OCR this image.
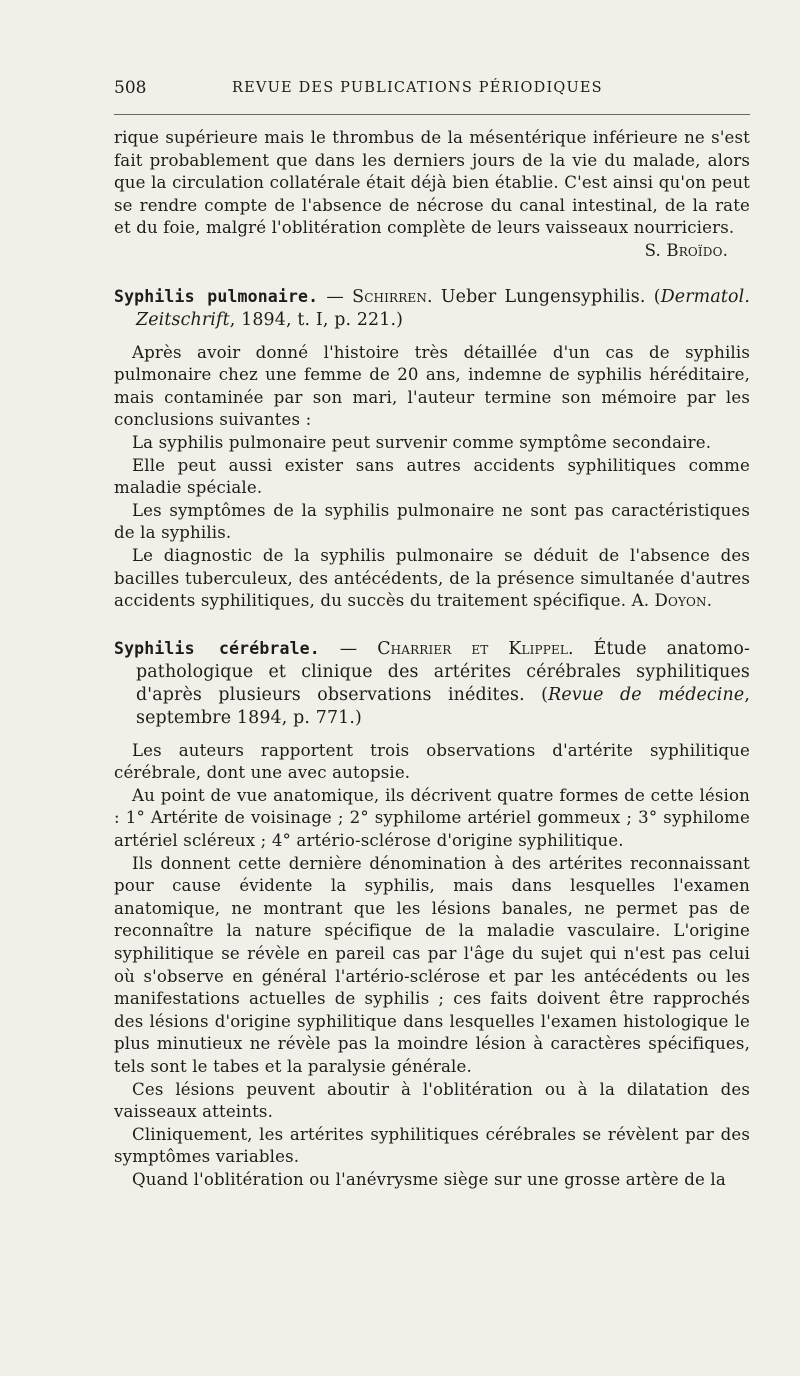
508	REVUE DES PUBLICATIONS PÉRIODIQUES

rique supérieure mais le thrombus de la mésentérique inférieure ne s'est fait probablement que dans les derniers jours de la vie du malade, alors que la circulation collatérale était déjà bien établie. C'est ainsi qu'on peut se rendre compte de l'absence de nécrose du canal intestinal, de la rate et du foie, malgré l'oblitération complète de leurs vaisseaux nourriciers.

S. Broïdo.

Syphilis pulmonaire. — Schirren. Ueber Lungensyphilis. (Dermatol. Zeitschrift, 1894, t. I, p. 221.)

Après avoir donné l'histoire très détaillée d'un cas de syphilis pulmonaire chez une femme de 20 ans, indemne de syphilis héréditaire, mais contaminée par son mari, l'auteur termine son mémoire par les conclusions suivantes :

La syphilis pulmonaire peut survenir comme symptôme secondaire.

Elle peut aussi exister sans autres accidents syphilitiques comme maladie spéciale.

Les symptômes de la syphilis pulmonaire ne sont pas caractéristiques de la syphilis.

Le diagnostic de la syphilis pulmonaire se déduit de l'absence des bacilles tuberculeux, des antécédents, de la présence simultanée d'autres accidents syphilitiques, du succès du traitement spécifique. A. Doyon.

Syphilis cérébrale. — Charrier et Klippel. Étude anatomo-pathologique et clinique des artérites cérébrales syphilitiques d'après plusieurs observations inédites. (Revue de médecine, septembre 1894, p. 771.)

Les auteurs rapportent trois observations d'artérite syphilitique cérébrale, dont une avec autopsie.

Au point de vue anatomique, ils décrivent quatre formes de cette lésion : 1° Artérite de voisinage ; 2° syphilome artériel gommeux ; 3° syphilome artériel scléreux ; 4° artério-sclérose d'origine syphilitique.

Ils donnent cette dernière dénomination à des artérites reconnaissant pour cause évidente la syphilis, mais dans lesquelles l'examen anatomique, ne montrant que les lésions banales, ne permet pas de reconnaître la nature spécifique de la maladie vasculaire. L'origine syphilitique se révèle en pareil cas par l'âge du sujet qui n'est pas celui où s'observe en général l'artério-sclérose et par les antécédents ou les manifestations actuelles de syphilis ; ces faits doivent être rapprochés des lésions d'origine syphilitique dans lesquelles l'examen histologique le plus minutieux ne révèle pas la moindre lésion à caractères spécifiques, tels sont le tabes et la paralysie générale.

Ces lésions peuvent aboutir à l'oblitération ou à la dilatation des vaisseaux atteints.

Cliniquement, les artérites syphilitiques cérébrales se révèlent par des symptômes variables.

Quand l'oblitération ou l'anévrysme siège sur une grosse artère de la
